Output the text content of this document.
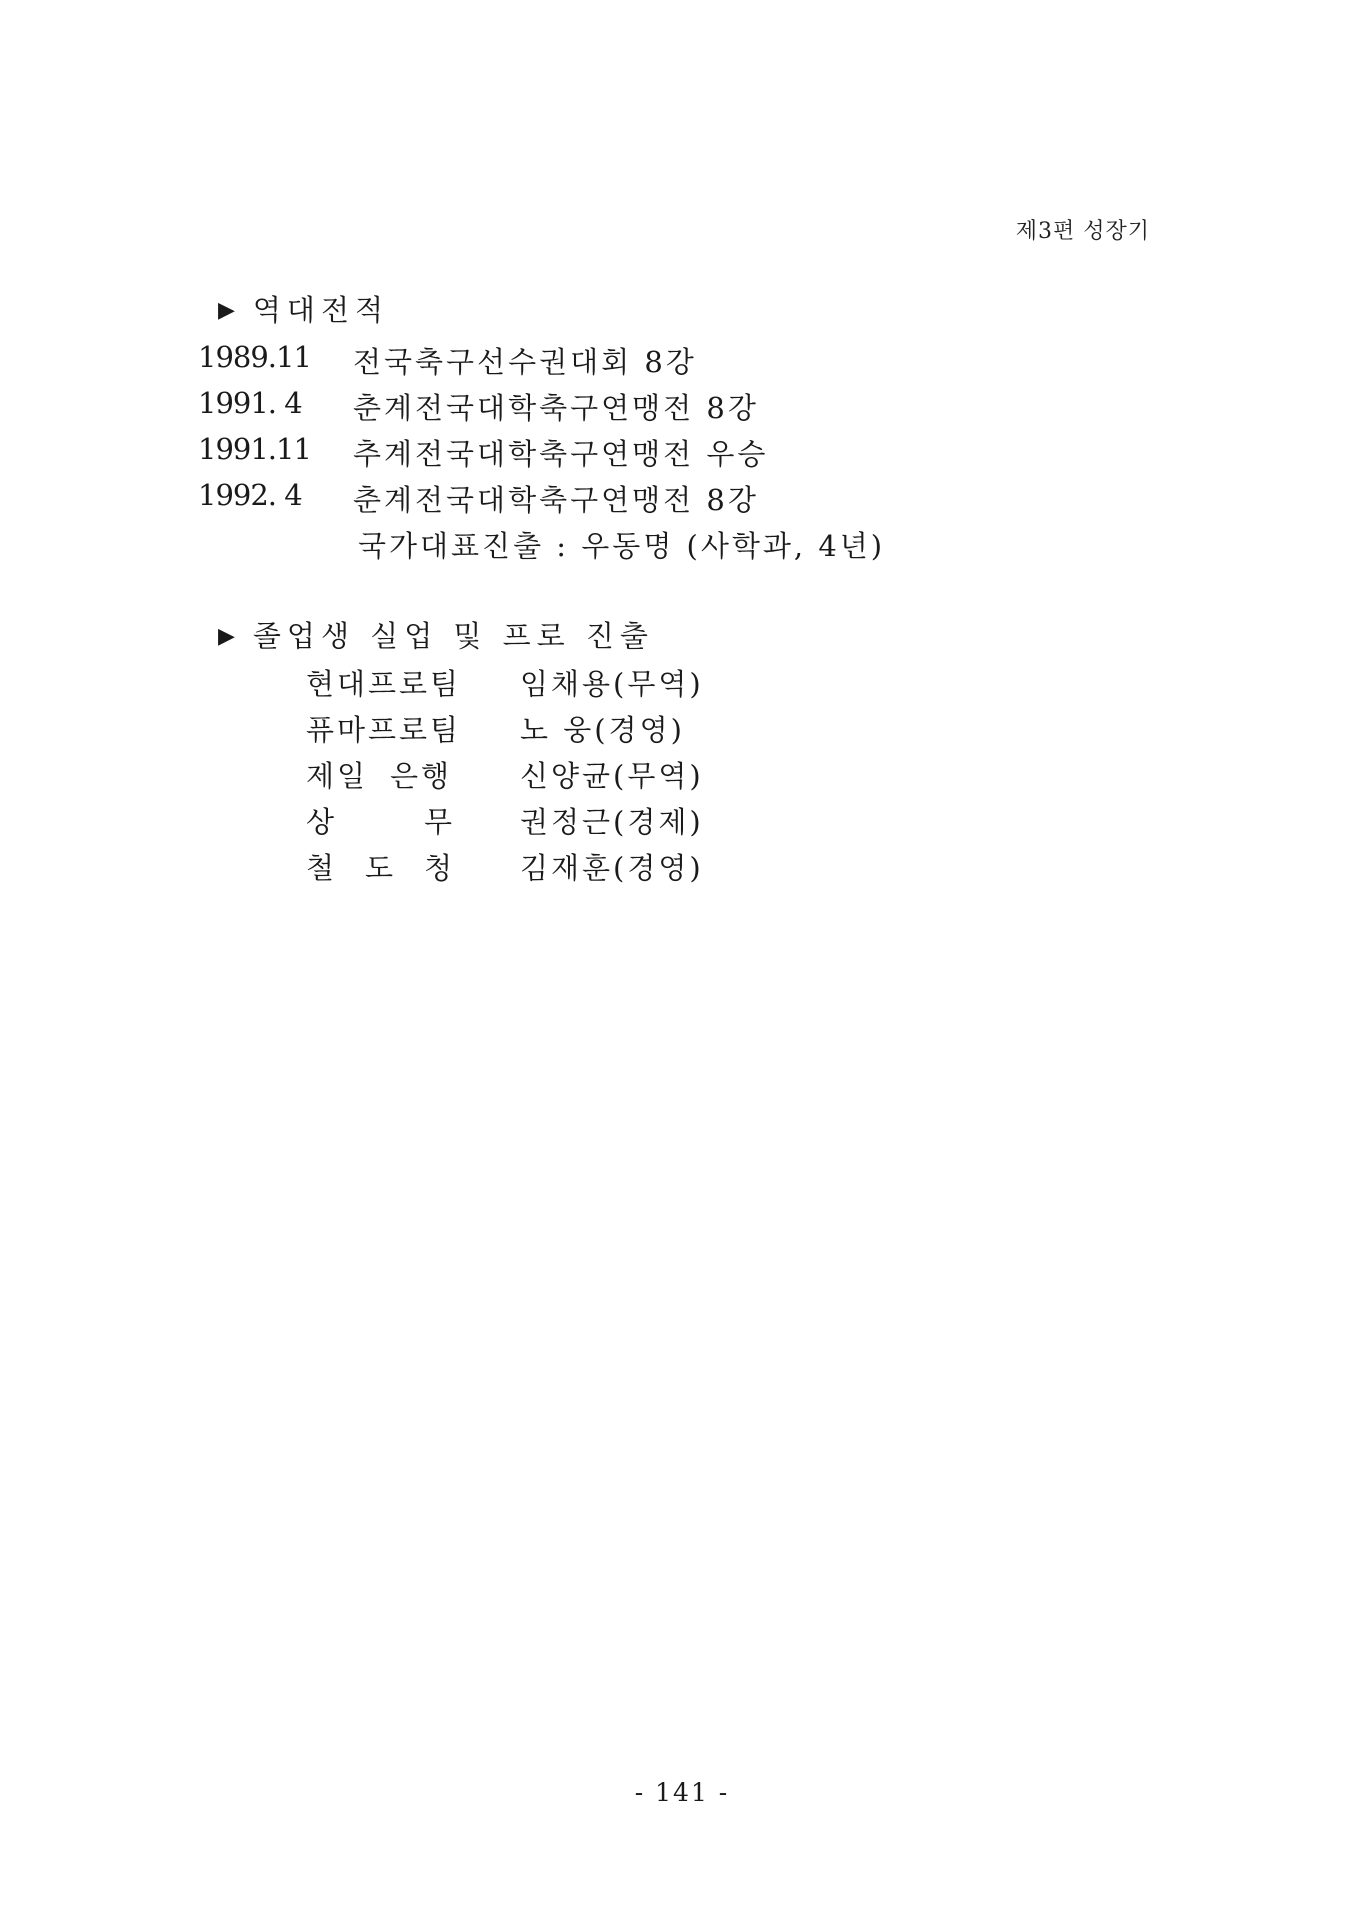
제3편 성장기
▶ 역대전적
1989.11 전국축구선수권대회 8강
1991. 4 춘계전국대학축구연맹전 8강
1991.11 추계전국대학축구연맹전 우승
1992. 4 춘계전국대학축구연맹전 8강
국가대표진출 : 우동명 (사학과, 4년)
▶ 졸업생 실업 및 프로 진출
현대프로팀 임채용(무역)
퓨마프로팀 노 웅(경영)
제일 은행 신양균(무역)
상	무 권정근(경제)
철 도 청 김재훈(경영)
- 141 -
